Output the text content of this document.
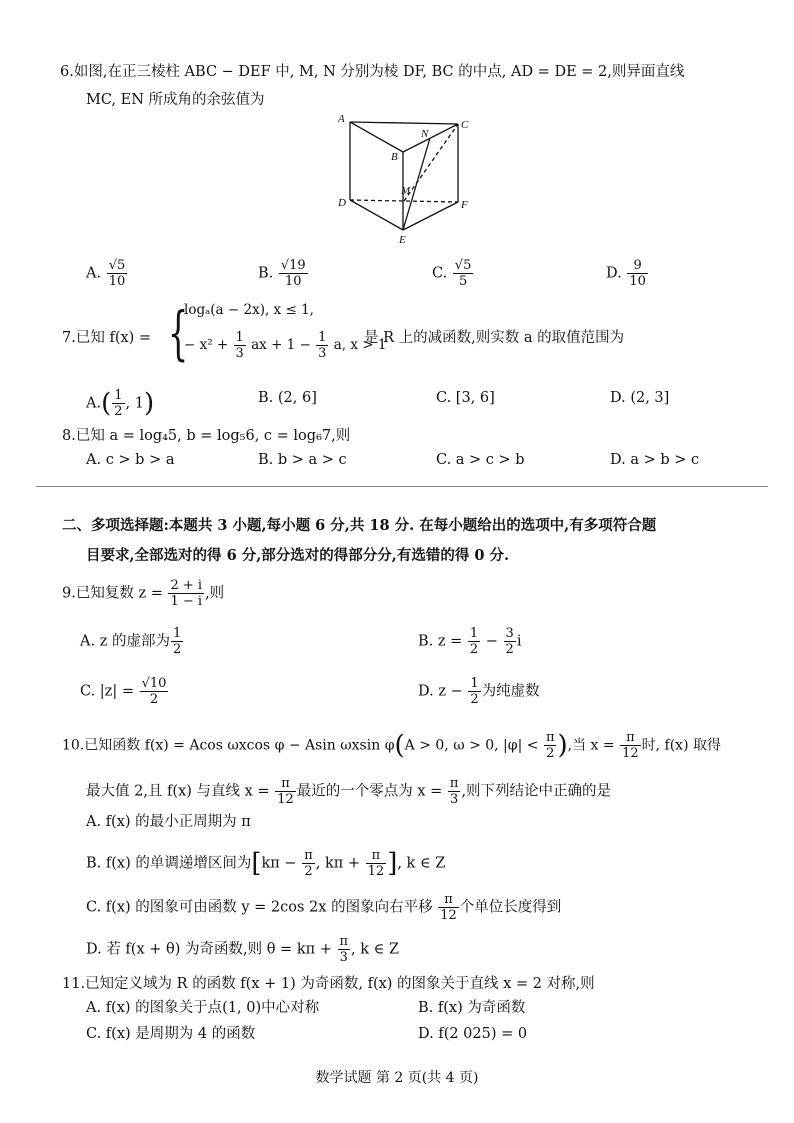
6.如图,在正三棱柱 ABC − DEF 中, M, N 分别为棱 DF, BC 的中点, AD = DE = 2,则异面直线
MC, EN 所成角的余弦值为
A
B
C
D
E
F
M
N
A. $\frac{√5}{10}$	B. $\frac{√19}{10}$	C. $\frac{√5}{5}$	D. $\frac{9}{10}$
7.已知 f(x) = {
logₐ(a − 2x), x ≤ 1,
− $x^2 + \frac{1}{3}$ ax + $1 - \frac{1}{3} a$, x > 1
是 R 上的减函数,则实数 a 的取值范围为
$A.( \frac{1}{2}$ , 1)	B. (2, 6]	C. [3, 6]	D. (2, 3]
8.已知 a = log₄5, b = log₅6, c = log₆7,则
A. c > b > a	B. b > a > c	C. a > c > b	D. a > b > c
二、多项选择题:本题共 3 小题,每小题 6 分,共 18 分. 在每小题给出的选项中,有多项符合题
目要求,全部选对的得 6 分,部分选对的得部分分,有选错的得 0 分.
9.已知复数 $z = \frac{2 + i}{1 - i}$ ,则
A. z 的虚部为 $\frac{1}{2}$	B. $z = \frac{1}{2} - \frac{3}{2}$ i
C. $|z| = \frac{√10}{2}$	D. $z - \frac{1}{2}$ 为纯虚数
10.已知函数 f(x) = Acos ωxcos φ − Asin ωxsin φ(A > 0, ω > 0, $|\varphi| < \frac{\pi}{2}$ ),当 $x = \frac{\pi}{12}$ 时, f(x) 取得
最大值 2,且 f(x) 与直线 $x = \frac{\pi}{12}$ 最近的一个零点为 $x = \frac{\pi}{3}$ ,则下列结论中正确的是
A. f(x) 的最小正周期为 π
B. f(x) 的单调递增区间为[$k\pi - \frac{\pi}{2}$ , $k\pi + \frac{\pi}{12}$ ], k ∈ Z
C. f(x) 的图象可由函数 y = 2cos 2x 的图象向右平移 $\frac{\pi}{12}$ 个单位长度得到
D. 若 f(x + θ) 为奇函数,则 $\theta = k\pi + \frac{\pi}{3}$ , k ∈ Z
11.已知定义域为 R 的函数 f(x + 1) 为奇函数, f(x) 的图象关于直线 x = 2 对称,则
A. f(x) 的图象关于点(1, 0)中心对称	B. f(x) 为奇函数
C. f(x) 是周期为 4 的函数	D. f(2 025) = 0
数学试题 第 2 页(共 4 页)
